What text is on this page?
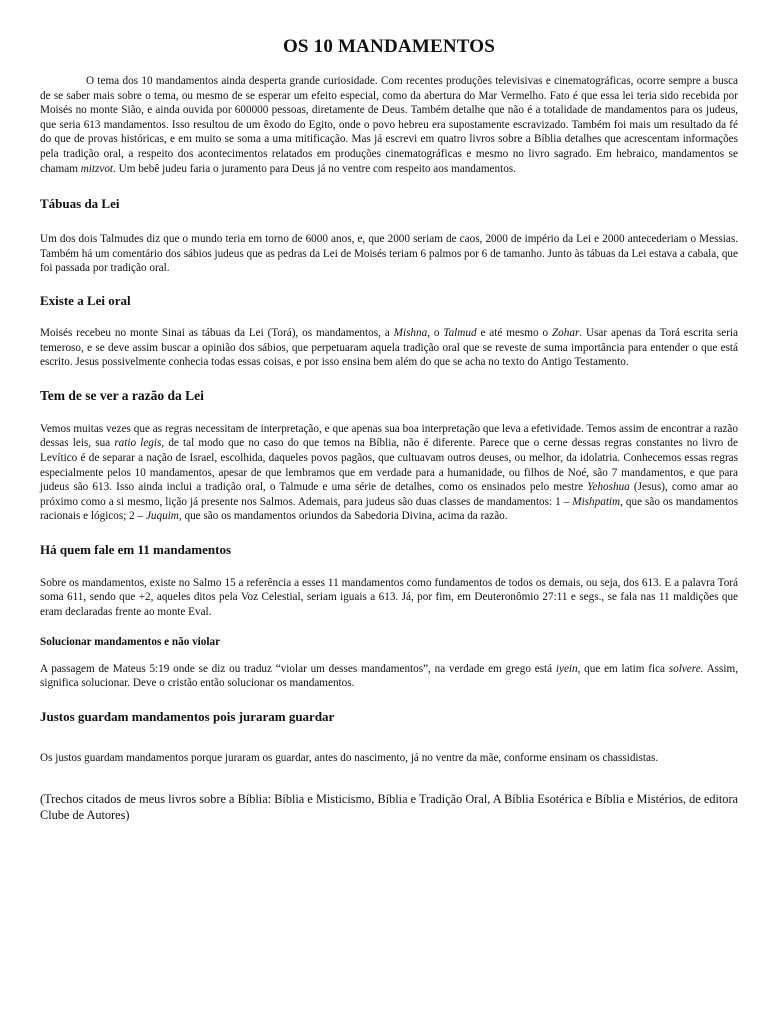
OS 10 MANDAMENTOS

O tema dos 10 mandamentos ainda desperta grande curiosidade. Com recentes produções televisivas e cinematográficas, ocorre sempre a busca de se saber mais sobre o tema, ou mesmo de se esperar um efeito especial, como da abertura do Mar Vermelho. Fato é que essa lei teria sido recebida por Moisés no monte Sião, e ainda ouvida por 600000 pessoas, diretamente de Deus. Também detalhe que não é a totalidade de mandamentos para os judeus, que seria 613 mandamentos. Isso resultou de um êxodo do Egito, onde o povo hebreu era supostamente escravizado. Também foi mais um resultado da fé do que de provas históricas, e em muito se soma a uma mitificação. Mas já escrevi em quatro livros sobre a Bíblia detalhes que acrescentam informações pela tradição oral, a respeito dos acontecimentos relatados em produções cinematográficas e mesmo no livro sagrado. Em hebraico, mandamentos se chamam mitzvot. Um bebê judeu faria o juramento para Deus já no ventre com respeito aos mandamentos.

Tábuas da Lei

Um dos dois Talmudes diz que o mundo teria em torno de 6000 anos, e, que 2000 seriam de caos, 2000 de império da Lei e 2000 antecederiam o Messias. Também há um comentário dos sábios judeus que as pedras da Lei de Moisés teriam 6 palmos por 6 de tamanho. Junto às tábuas da Lei estava a cabala, que foi passada por tradição oral.

Existe a Lei oral

Moisés recebeu no monte Sinai as tábuas da Lei (Torá), os mandamentos, a Mishna, o Talmud e até mesmo o Zohar. Usar apenas da Torá escrita seria temeroso, e se deve assim buscar a opinião dos sábios, que perpetuaram aquela tradição oral que se reveste de suma importância para entender o que está escrito. Jesus possivelmente conhecia todas essas coisas, e por isso ensina bem além do que se acha no texto do Antigo Testamento.

Tem de se ver a razão da Lei

Vemos muitas vezes que as regras necessitam de interpretação, e que apenas sua boa interpretação que leva a efetividade. Temos assim de encontrar a razão dessas leis, sua ratio legis, de tal modo que no caso do que temos na Bíblia, não é diferente. Parece que o cerne dessas regras constantes no livro de Levítico é de separar a nação de Israel, escolhida, daqueles povos pagãos, que cultuavam outros deuses, ou melhor, da idolatria. Conhecemos essas regras especialmente pelos 10 mandamentos, apesar de que lembramos que em verdade para a humanidade, ou filhos de Noé, são 7 mandamentos, e que para judeus são 613. Isso ainda inclui a tradição oral, o Talmude e uma série de detalhes, como os ensinados pelo mestre Yehoshua (Jesus), como amar ao próximo como a si mesmo, lição já presente nos Salmos. Ademais, para judeus são duas classes de mandamentos: 1 – Mishpatim, que são os mandamentos racionais e lógicos; 2 – Juquim, que são os mandamentos oriundos da Sabedoria Divina, acima da razão.

Há quem fale em 11 mandamentos

Sobre os mandamentos, existe no Salmo 15 a referência a esses 11 mandamentos como fundamentos de todos os demais, ou seja, dos 613. E a palavra Torá soma 611, sendo que +2, aqueles ditos pela Voz Celestial, seriam iguais a 613. Já, por fim, em Deuteronômio 27:11 e segs., se fala nas 11 maldições que eram declaradas frente ao monte Eval.

Solucionar mandamentos e não violar

A passagem de Mateus 5:19 onde se diz ou traduz “violar um desses mandamentos”, na verdade em grego está iyein, que em latim fica solvere. Assim, significa solucionar. Deve o cristão então solucionar os mandamentos.

Justos guardam mandamentos pois juraram guardar

Os justos guardam mandamentos porque juraram os guardar, antes do nascimento, já no ventre da mãe, conforme ensinam os chassidistas.

(Trechos citados de meus livros sobre a Bíblia: Bíblia e Misticismo, Bíblia e Tradição Oral, A Bíblia Esotérica e Bíblia e Mistérios, de editora Clube de Autores)
